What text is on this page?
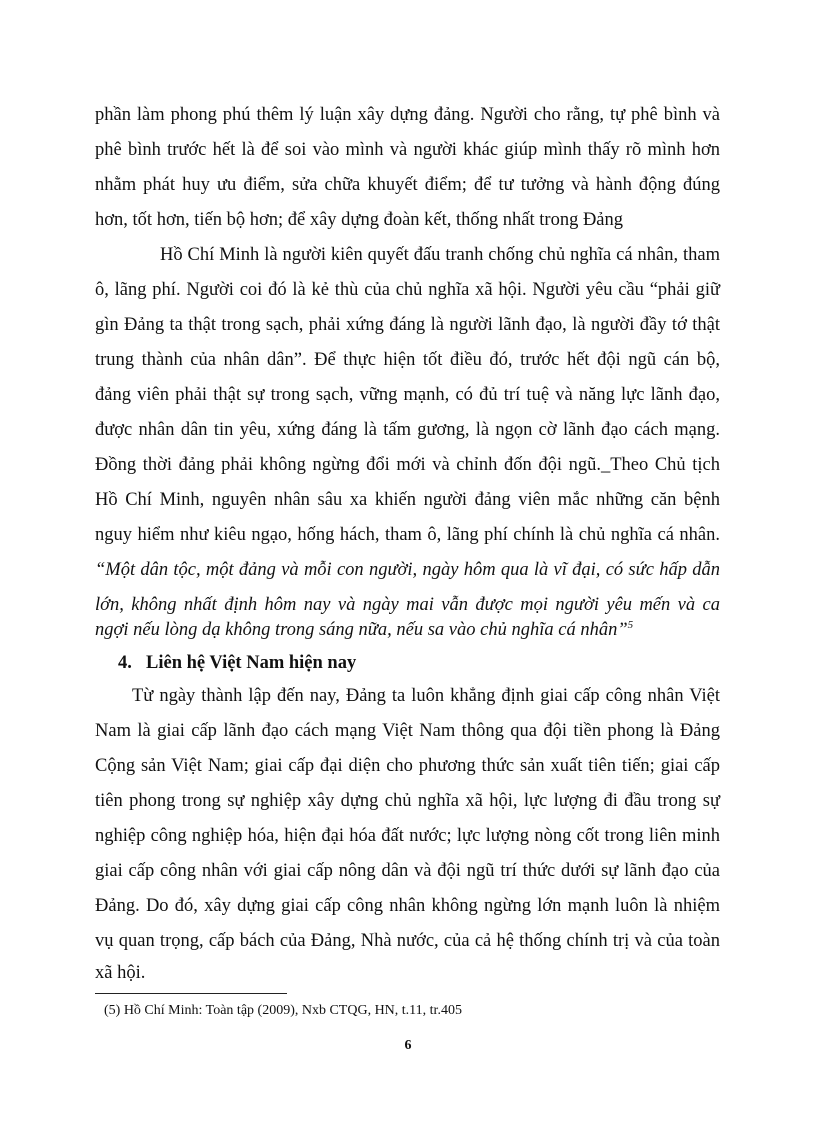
phần làm phong phú thêm lý luận xây dựng đảng. Người cho rằng, tự phê bình và
phê bình trước hết là để soi vào mình và người khác giúp mình thấy rõ mình hơn
nhằm phát huy ưu điểm, sửa chữa khuyết điểm; để tư tưởng và hành động đúng
hơn, tốt hơn, tiến bộ hơn; để xây dựng đoàn kết, thống nhất trong Đảng
Hồ Chí Minh là người kiên quyết đấu tranh chống chủ nghĩa cá nhân, tham
ô, lãng phí. Người coi đó là kẻ thù của chủ nghĩa xã hội. Người yêu cầu “phải giữ
gìn Đảng ta thật trong sạch, phải xứng đáng là người lãnh đạo, là người đầy tớ thật
trung thành của nhân dân”. Để thực hiện tốt điều đó, trước hết đội ngũ cán bộ,
đảng viên phải thật sự trong sạch, vững mạnh, có đủ trí tuệ và năng lực lãnh đạo,
được nhân dân tin yêu, xứng đáng là tấm gương, là ngọn cờ lãnh đạo cách mạng.
Đồng thời đảng phải không ngừng đổi mới và chỉnh đốn đội ngũ._Theo Chủ tịch
Hồ Chí Minh, nguyên nhân sâu xa khiến người đảng viên mắc những căn bệnh
nguy hiểm như kiêu ngạo, hống hách, tham ô, lãng phí chính là chủ nghĩa cá nhân.
“Một dân tộc, một đảng và mỗi con người, ngày hôm qua là vĩ đại, có sức hấp dẫn
lớn, không nhất định hôm nay và ngày mai vẫn được mọi người yêu mến và ca
ngợi nếu lòng dạ không trong sáng nữa, nếu sa vào chủ nghĩa cá nhân”$^5$
4. Liên hệ Việt Nam hiện nay
Từ ngày thành lập đến nay, Đảng ta luôn khẳng định giai cấp công nhân Việt
Nam là giai cấp lãnh đạo cách mạng Việt Nam thông qua đội tiền phong là Đảng
Cộng sản Việt Nam; giai cấp đại diện cho phương thức sản xuất tiên tiến; giai cấp
tiên phong trong sự nghiệp xây dựng chủ nghĩa xã hội, lực lượng đi đầu trong sự
nghiệp công nghiệp hóa, hiện đại hóa đất nước; lực lượng nòng cốt trong liên minh
giai cấp công nhân với giai cấp nông dân và đội ngũ trí thức dưới sự lãnh đạo của
Đảng. Do đó, xây dựng giai cấp công nhân không ngừng lớn mạnh luôn là nhiệm
vụ quan trọng, cấp bách của Đảng, Nhà nước, của cả hệ thống chính trị và của toàn
xã hội.
(5) Hồ Chí Minh: Toàn tập (2009), Nxb CTQG, HN, t.11, tr.405
6
